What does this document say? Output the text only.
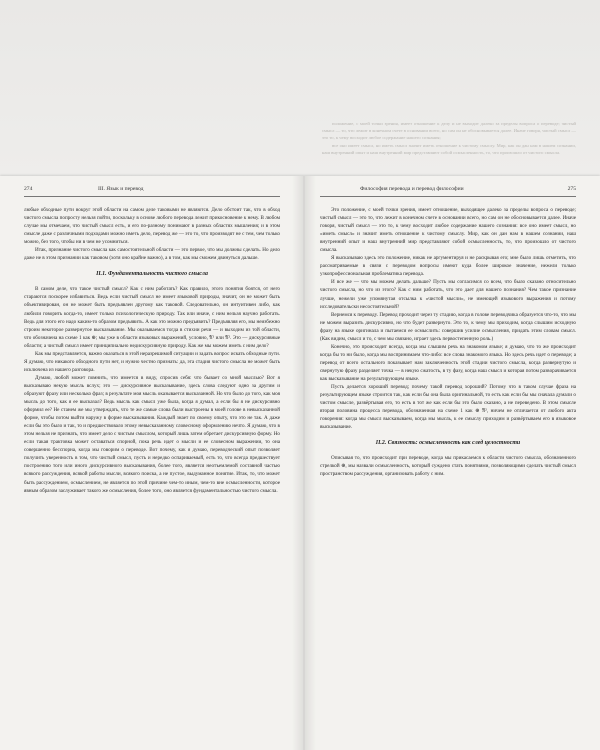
положение, с моей точки зрения, имеет отношение к делу и не выходит далеко за пределы вопроса о переводе; чистый смысл — то, что лежит в конечном счете в основании всего, но сам он не обосновывается далее. Иначе говоря, чистый смысл — это то, к чему восходит любое содержание нашего сознания;

все оно имеет смысл, но иметь смысл значит иметь отношение к чистому смыслу. Мир, как он дан нам в нашем сознании, наш внутренний опыт и наш внутренний мир представляют собой осмысленность, то, что произошло от чистого смысла.

274	III. Язык и перевод

любые обходные пути вокруг этой области на самом деле таковыми не являются. Дело обстоит так, что в обход чистого смысла попросту нельзя пойти, поскольку в основе любого перевода лежит прикосновение к нему. В любом случае мы отмечаем, что чистый смысл есть, и его по-разному понимают в разных областях мышления; и в этом смысле даже с различными подходами можно иметь дело, перевод же — это то, что производят не с тем, чем только можно, без того, чтобы ни в чем не усомниться.

Итак, признание чистого смысла как самостоятельной области — это первое, что мы должны сделать. Но дело даже не в этом признании как таковом (хотя оно крайне важно), а в том, как мы сможем двинуться дальше.

II.1. Фундаментальность чистого смысла

В самом деле, что такое чистый смысл? Как с ним работать? Как правило, этого понятия боятся, от него стараются поскорее избавиться. Ведь если чистый смысл не имеет языковой природы, значит, он не может быть объективирован, он не может быть предъявлен другому как таковой. Следовательно, он интуитивен либо, как любили говорить когда-то, имеет только психологическую природу. Так или иначе, с ним нельзя научно работать. Ведь для этого его надо каким-то образом предъявить. А как это можно предъявить? Предъявляя его, мы неизбежно строим некоторое развернутое высказывание. Мы оказываемся тогда в стихии речи — и выходим из той области, что обозначена на схеме 1 как ⊕; мы уже в области языковых выражений, условно, 𝔄¹ или 𝔄². Это — дискурсивные области; а чистый смысл имеет принципиально недискурсивную природу. Как же мы можем иметь с ним дело?

Как мы представляется, важно оказаться в этой неразрешимой ситуации и задать вопрос искать обходные пути. Я думаю, что никакого обходного пути нет, и нужно честно признать: да, эта стадия чистого смысла не может быть исключена из нашего разговора.

Думаю, любой может помнить, что имеется в виду, спросив себя: что бывает со мной мыслью? Вот я высказываю некую мысль вслух; это — дискурсивное высказывание, здесь слова следуют одно за другим и образуют фразу или несколько фраз; в результате моя мысль оказывается высказанной. Но что было до того, как моя мысль до того, как я ее высказал? Ведь мысль как смысл уже была, когда я думал, а если бы я не дискурсивно оформил ее? Не станем же мы утверждать, что те же самые слова были выстроены в моей голове в невысказанной форме, чтобы потом выйти наружу в форме высказывания. Каждый знает по своему опыту, что это не так. А даже если бы это было и так, то и предшествовало этому невысказанному словесному оформлению нечто. Я думаю, что в этом нельзя не признать, что имеет дело с чистым смыслом, который лишь затем обретает дискурсивную форму. Но если такая трактовка может оставаться спорной, пока речь идет о мысли и ее словесном выражении, то она совершенно бесспорна, когда мы говорим о переводе. Вот почему, как я думаю, переводческий опыт позволяет получить уверенность в том, что чистый смысл, пусть и нередко оспариваемый, есть то, что всегда предшествует построению того или иного дискурсивного высказывания, более того, является неотъемлемой составной частью всякого рассуждения, всякой работы мысли, всякого поиска, а не пустое, выдуманное понятие. Итак, то, что может быть рассуждением, осмыслением, не является по этой причине чем-то иным, чем-то вне осмысленности, которое явным образом заслуживает такого же осмысления, более того, оно является фундаментальностью чистого смысла.

Философия перевода и перевод философии	275

Это положение, с моей точки зрения, имеет отношение, выходящее далеко за пределы вопроса о переводе; чистый смысл — это то, что лежит в конечном счете в основании всего, но сам он не обосновывается далее. Иначе говоря, чистый смысл — это то, к чему восходит любое содержание нашего сознания: все оно имеет смысл, но «иметь смысл» и значит иметь отношение к чистому смыслу. Мир, как он дан нам в нашем сознании, наш внутренний опыт и наш внутренний мир представляют собой осмысленность, то, что произошло от чистого смысла.

Я высказываю здесь это положение, никак не аргументируя и не раскрывая его; мне было лишь отметить, что рассматриваемые в связи с переводом вопросы имеют куда более широкое значение, нежели только узкопрофессиональная проблематика перевода.

И все же — что мы можем делать дальше? Пусть мы согласимся со всем, что было сказано относительно чистого смысла, но что из этого? Как с ним работать, что это дает для нашего познания? Чем такое признание лучше, нежели уже упомянутая отсылка к «чистой мысли», не имеющей языкового выражения и потому исследовательски несостоятельной?

Вернемся к переводу. Перевод проходит через ту стадию, когда в голове переводчика образуется что-то, что мы не можем выразить дискурсивно, но что будет развернуто. Это то, к чему мы приходим, когда слышим исходную фразу на языке оригинала и пытаемся ее осмыслить: совершив усилие осмысления, придать этим словам смысл. (Как видим, смысл и то, с чем мы связано, играет здесь первостепенную роль.)

Конечно, это происходит всегда, когда мы слышим речь на знакомом языке; я думаю, что то же происходит когда бы то ни было, когда мы воспринимаем что-либо: все слова знакомого языка. Но здесь речь идет о переводе; а перевод от всего остального показывает нам заключенность этой стадии чистого смысла, когда развернутую и свернутую фразу разделяет точка — в некую сжатость, в ту фазу, когда наш смысл и которая потом разворачивается как высказывание на результирующем языке.

Пусть делается хороший перевод; почему такой перевод хороший? Потому что в таком случае фраза на результирующем языке строится так, как если бы она была оригинальной, то есть как если бы мы сначала думали о чистом смысле, развёртывая его, то есть в тот же как если бы это было сказано, а не переведено. В этом смысле вторая половина процесса перевода, обозначенная на схеме 1 как ⊕ 𝔄², ничем не отличается от любого акта говорения: когда мы смысл высказываем, когда мы мысль, к ее смыслу приходим и развёртываем его в языковое высказывание.

II.2. Связность: осмысленность как след целостности

Описывая то, что происходит при переводе, когда мы прикасаемся к области чистого смысла, обозначенного стрелкой ⊕, мы назвали осмысленность, который суждено стать понятиями, позволяющими сделать чистый смысл пространством рассуждения, организовать работу с ним.
